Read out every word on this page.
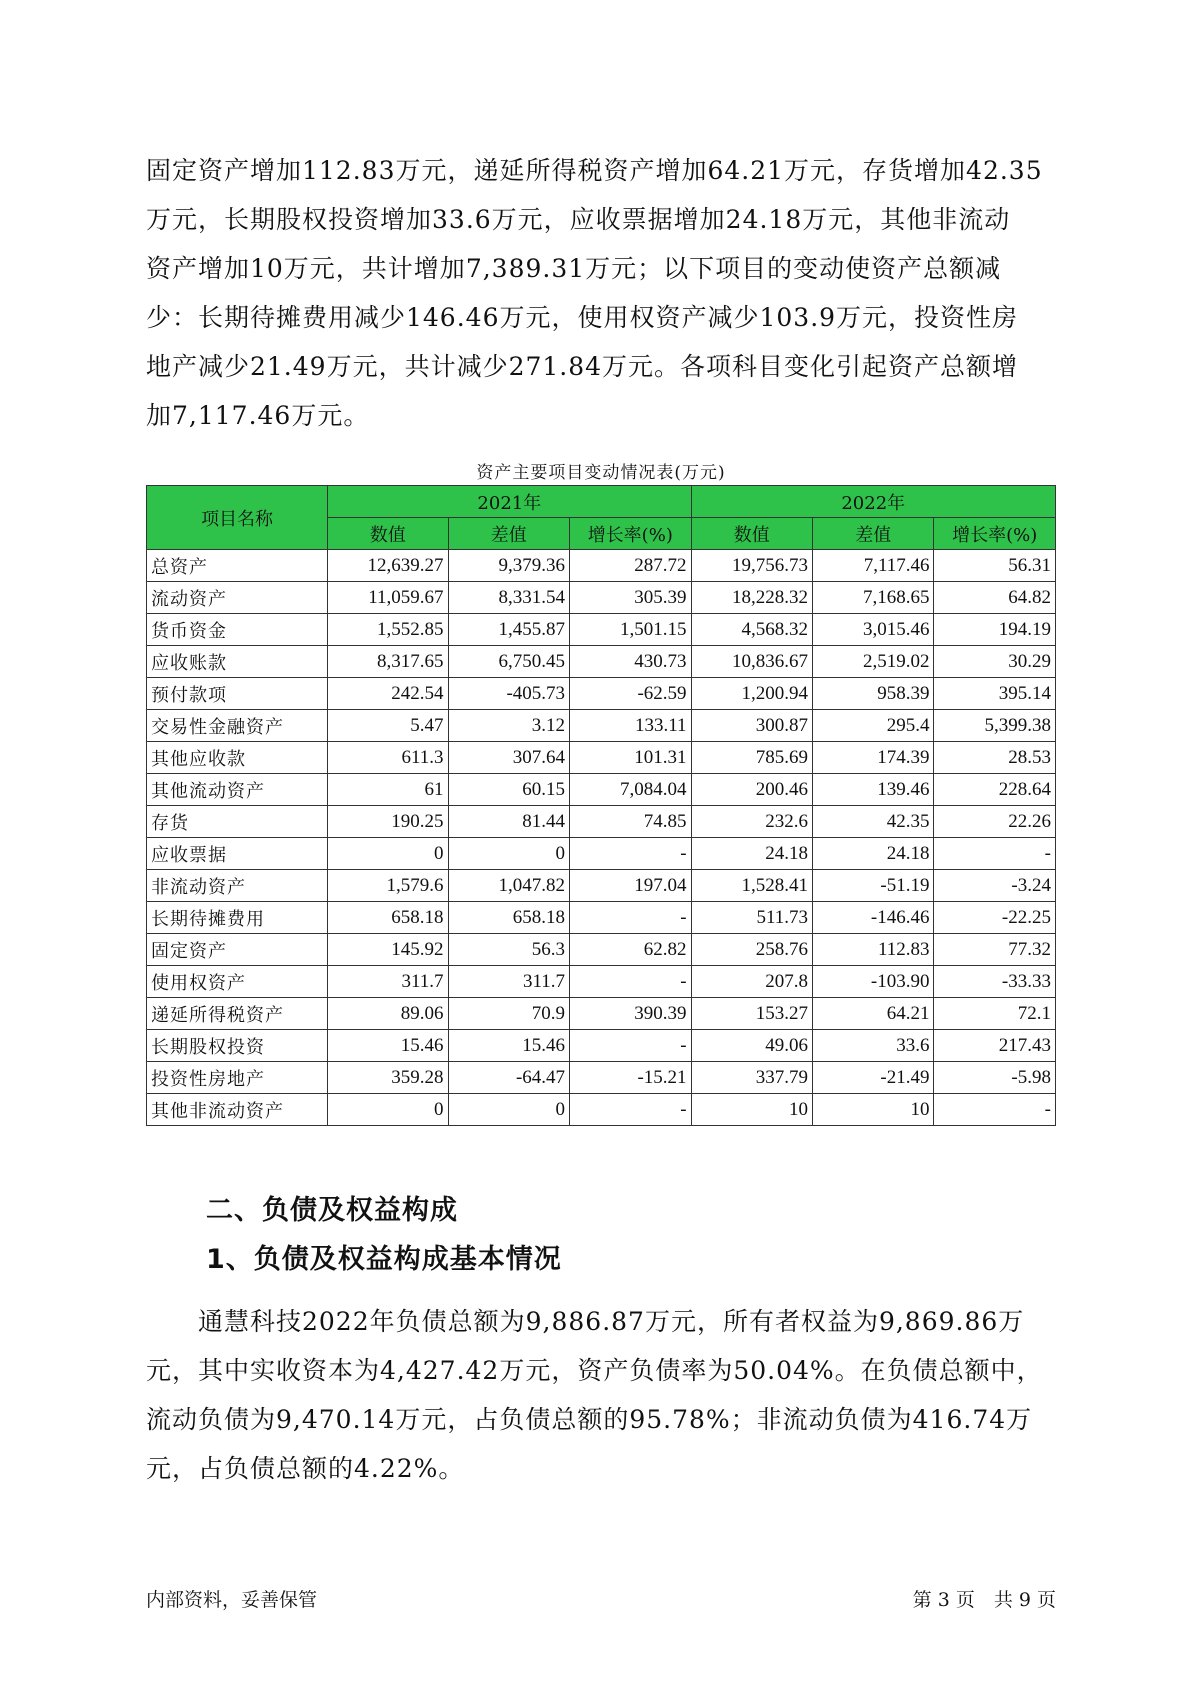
固定资产增加112.83万元，递延所得税资产增加64.21万元，存货增加42.35
万元，长期股权投资增加33.6万元，应收票据增加24.18万元，其他非流动
资产增加10万元，共计增加7,389.31万元；以下项目的变动使资产总额减
少：长期待摊费用减少146.46万元，使用权资产减少103.9万元，投资性房
地产减少21.49万元，共计减少271.84万元。各项科目变化引起资产总额增
加7,117.46万元。
资产主要项目变动情况表(万元)
项目名称	2021年			2022年		
	数值	差值	增长率(%)	数值	差值	增长率(%)
总资产	12,639.27	9,379.36	287.72	19,756.73	7,117.46	56.31
流动资产	11,059.67	8,331.54	305.39	18,228.32	7,168.65	64.82
货币资金	1,552.85	1,455.87	1,501.15	4,568.32	3,015.46	194.19
应收账款	8,317.65	6,750.45	430.73	10,836.67	2,519.02	30.29
预付款项	242.54	-405.73	-62.59	1,200.94	958.39	395.14
交易性金融资产	5.47	3.12	133.11	300.87	295.4	5,399.38
其他应收款	611.3	307.64	101.31	785.69	174.39	28.53
其他流动资产	61	60.15	7,084.04	200.46	139.46	228.64
存货	190.25	81.44	74.85	232.6	42.35	22.26
应收票据	0	0	-	24.18	24.18	-
非流动资产	1,579.6	1,047.82	197.04	1,528.41	-51.19	-3.24
长期待摊费用	658.18	658.18	-	511.73	-146.46	-22.25
固定资产	145.92	56.3	62.82	258.76	112.83	77.32
使用权资产	311.7	311.7	-	207.8	-103.90	-33.33
递延所得税资产	89.06	70.9	390.39	153.27	64.21	72.1
长期股权投资	15.46	15.46	-	49.06	33.6	217.43
投资性房地产	359.28	-64.47	-15.21	337.79	-21.49	-5.98
其他非流动资产	0	0	-	10	10	-
二、负债及权益构成
1、负债及权益构成基本情况
　　通慧科技2022年负债总额为9,886.87万元，所有者权益为9,869.86万
元，其中实收资本为4,427.42万元，资产负债率为50.04%。在负债总额中，
流动负债为9,470.14万元，占负债总额的95.78%；非流动负债为416.74万
元，占负债总额的4.22%。
内部资料，妥善保管	第 3 页　共 9 页
